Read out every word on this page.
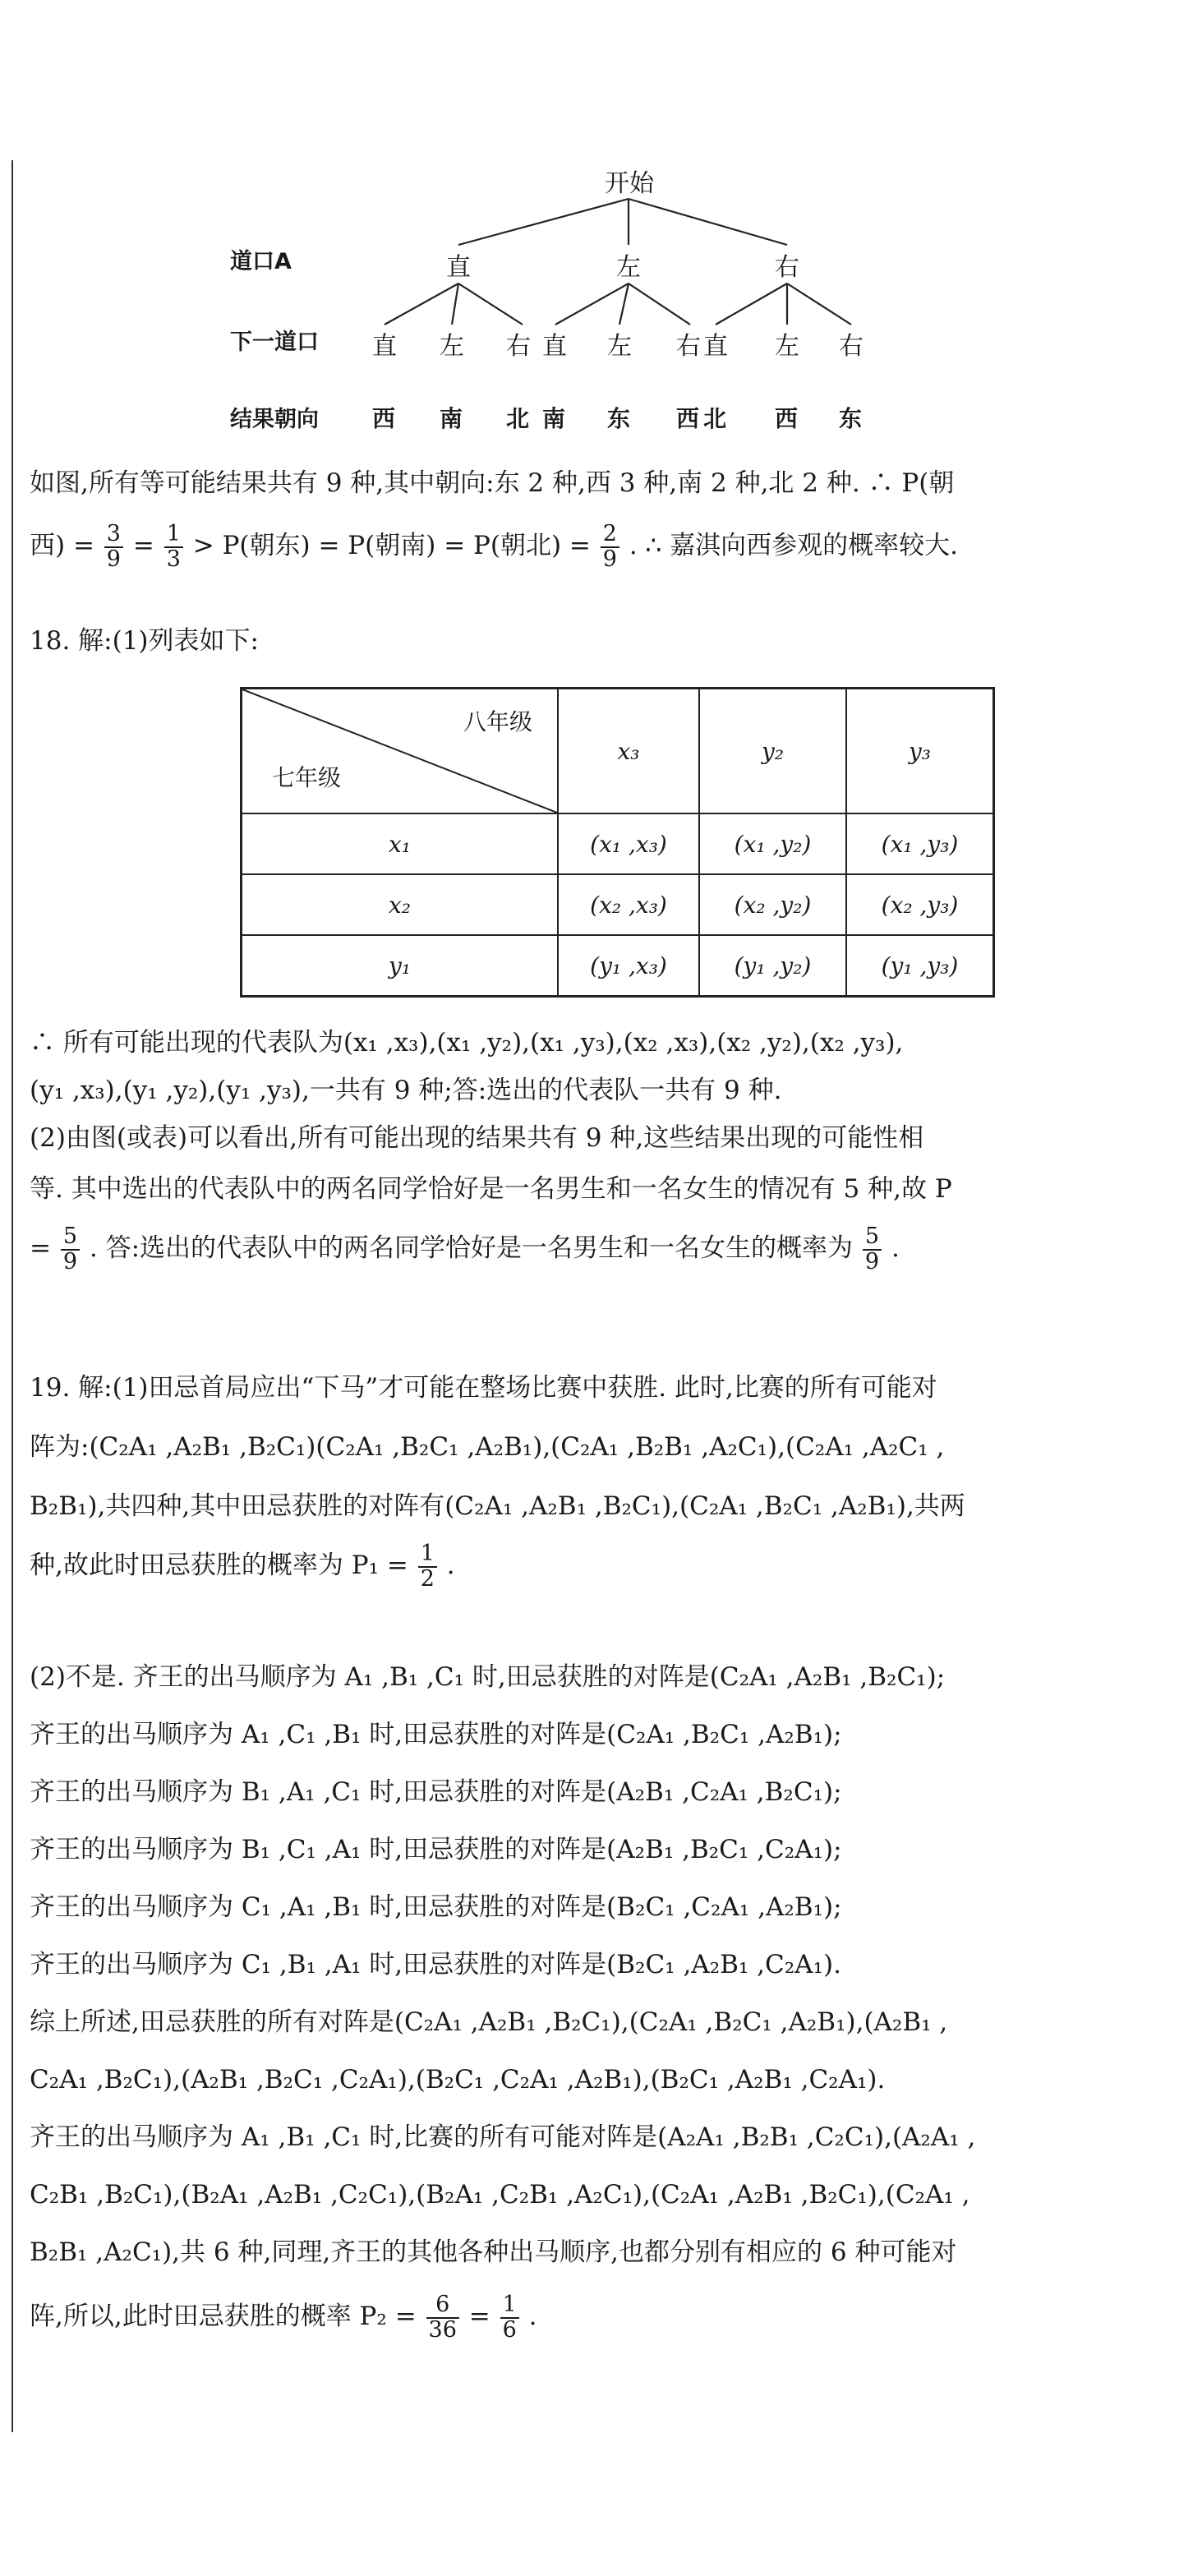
开始
道口A
下一道口
结果朝向
直	左	右
直 左 右 直 左 右 直 左 右
西 南 北 南 东 西 北 西 东
如图,所有等可能结果共有 9 种,其中朝向:东 2 种,西 3 种,南 2 种,北 2 种. ∴ P(朝
西) = $\frac{3}{9} = \frac{1}{3} > P$(朝东) = P(朝南) = P(朝北) = $\frac{2}{9}$ . ∴ 嘉淇向西参观的概率较大.
18. 解:(1)列表如下:
八年级
七年级	x₃	y₂	y₃
x₁	(x₁ ,x₃)	(x₁ ,y₂)	(x₁ ,y₃)
x₂	(x₂ ,x₃)	(x₂ ,y₂)	(x₂ ,y₃)
y₁	(y₁ ,x₃)	(y₁ ,y₂)	(y₁ ,y₃)
∴ 所有可能出现的代表队为(x₁ ,x₃),(x₁ ,y₂),(x₁ ,y₃),(x₂ ,x₃),(x₂ ,y₂),(x₂ ,y₃),
(y₁ ,x₃),(y₁ ,y₂),(y₁ ,y₃),一共有 9 种;答:选出的代表队一共有 9 种.
(2)由图(或表)可以看出,所有可能出现的结果共有 9 种,这些结果出现的可能性相
等. 其中选出的代表队中的两名同学恰好是一名男生和一名女生的情况有 5 种,故 P
= $\frac{5}{9}$ . 答:选出的代表队中的两名同学恰好是一名男生和一名女生的概率为 $\frac{5}{9}$ .
19. 解:(1)田忌首局应出“下马”才可能在整场比赛中获胜. 此时,比赛的所有可能对
阵为:(C₂A₁ ,A₂B₁ ,B₂C₁)(C₂A₁ ,B₂C₁ ,A₂B₁),(C₂A₁ ,B₂B₁ ,A₂C₁),(C₂A₁ ,A₂C₁ ,
B₂B₁),共四种,其中田忌获胜的对阵有(C₂A₁ ,A₂B₁ ,B₂C₁),(C₂A₁ ,B₂C₁ ,A₂B₁),共两
种,故此时田忌获胜的概率为 $P_1 = \frac{1}{2}$ .
(2)不是. 齐王的出马顺序为 A₁ ,B₁ ,C₁ 时,田忌获胜的对阵是(C₂A₁ ,A₂B₁ ,B₂C₁);
齐王的出马顺序为 A₁ ,C₁ ,B₁ 时,田忌获胜的对阵是(C₂A₁ ,B₂C₁ ,A₂B₁);
齐王的出马顺序为 B₁ ,A₁ ,C₁ 时,田忌获胜的对阵是(A₂B₁ ,C₂A₁ ,B₂C₁);
齐王的出马顺序为 B₁ ,C₁ ,A₁ 时,田忌获胜的对阵是(A₂B₁ ,B₂C₁ ,C₂A₁);
齐王的出马顺序为 C₁ ,A₁ ,B₁ 时,田忌获胜的对阵是(B₂C₁ ,C₂A₁ ,A₂B₁);
齐王的出马顺序为 C₁ ,B₁ ,A₁ 时,田忌获胜的对阵是(B₂C₁ ,A₂B₁ ,C₂A₁).
综上所述,田忌获胜的所有对阵是(C₂A₁ ,A₂B₁ ,B₂C₁),(C₂A₁ ,B₂C₁ ,A₂B₁),(A₂B₁ ,
C₂A₁ ,B₂C₁),(A₂B₁ ,B₂C₁ ,C₂A₁),(B₂C₁ ,C₂A₁ ,A₂B₁),(B₂C₁ ,A₂B₁ ,C₂A₁).
齐王的出马顺序为 A₁ ,B₁ ,C₁ 时,比赛的所有可能对阵是(A₂A₁ ,B₂B₁ ,C₂C₁),(A₂A₁ ,
C₂B₁ ,B₂C₁),(B₂A₁ ,A₂B₁ ,C₂C₁),(B₂A₁ ,C₂B₁ ,A₂C₁),(C₂A₁ ,A₂B₁ ,B₂C₁),(C₂A₁ ,
B₂B₁ ,A₂C₁),共 6 种,同理,齐王的其他各种出马顺序,也都分别有相应的 6 种可能对
阵,所以,此时田忌获胜的概率 $P_2 = \frac{6}{36} = \frac{1}{6}$ .
